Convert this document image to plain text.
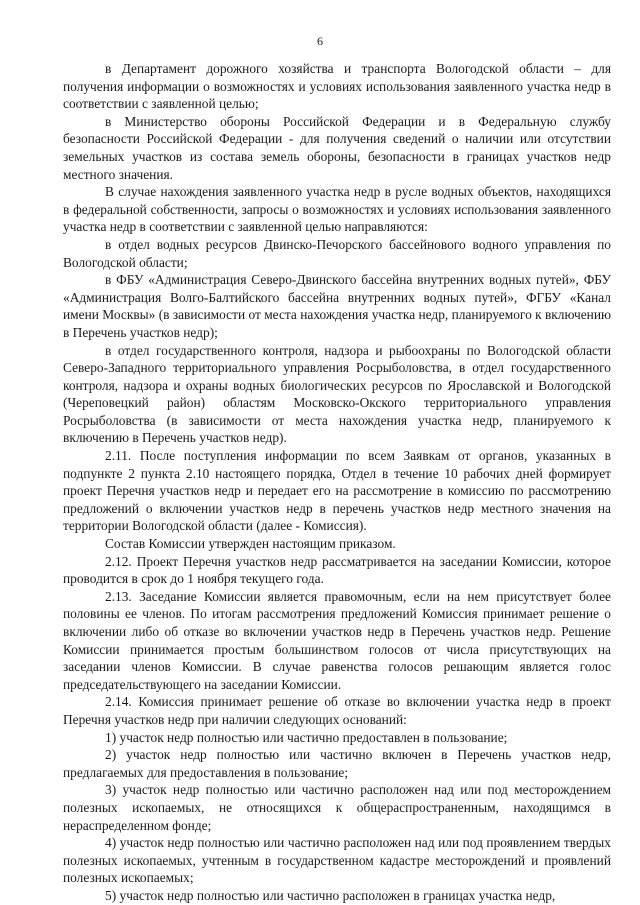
6

в Департамент дорожного хозяйства и транспорта Вологодской области – для получения информации о возможностях и условиях использования заявленного участка недр в соответствии с заявленной целью;

в Министерство обороны Российской Федерации и в Федеральную службу безопасности Российской Федерации - для получения сведений о наличии или отсутствии земельных участков из состава земель обороны, безопасности в границах участков недр местного значения.

В случае нахождения заявленного участка недр в русле водных объектов, находящихся в федеральной собственности, запросы о возможностях и условиях использования заявленного участка недр в соответствии с заявленной целью направляются:

в отдел водных ресурсов Двинско-Печорского бассейнового водного управления по Вологодской области;

в ФБУ «Администрация Северо-Двинского бассейна внутренних водных путей», ФБУ «Администрация Волго-Балтийского бассейна внутренних водных путей», ФГБУ «Канал имени Москвы» (в зависимости от места нахождения участка недр, планируемого к включению в Перечень участков недр);

в отдел государственного контроля, надзора и рыбоохраны по Вологодской области Северо-Западного территориального управления Росрыболовства, в отдел государственного контроля, надзора и охраны водных биологических ресурсов по Ярославской и Вологодской (Череповецкий район) областям Московско-Окского территориального управления Росрыболовства (в зависимости от места нахождения участка недр, планируемого к включению в Перечень участков недр).

2.11. После поступления информации по всем Заявкам от органов, указанных в подпункте 2 пункта 2.10 настоящего порядка, Отдел в течение 10 рабочих дней формирует проект Перечня участков недр и передает его на рассмотрение в комиссию по рассмотрению предложений о включении участков недр в перечень участков недр местного значения на территории Вологодской области (далее - Комиссия).

Состав Комиссии утвержден настоящим приказом.

2.12. Проект Перечня участков недр рассматривается на заседании Комиссии, которое проводится в срок до 1 ноября текущего года.

2.13. Заседание Комиссии является правомочным, если на нем присутствует более половины ее членов. По итогам рассмотрения предложений Комиссия принимает решение о включении либо об отказе во включении участков недр в Перечень участков недр. Решение Комиссии принимается простым большинством голосов от числа присутствующих на заседании членов Комиссии. В случае равенства голосов решающим является голос председательствующего на заседании Комиссии.

2.14. Комиссия принимает решение об отказе во включении участка недр в проект Перечня участков недр при наличии следующих оснований:

1) участок недр полностью или частично предоставлен в пользование;

2) участок недр полностью или частично включен в Перечень участков недр, предлагаемых для предоставления в пользование;

3) участок недр полностью или частично расположен над или под месторождением полезных ископаемых, не относящихся к общераспространенным, находящимся в нераспределенном фонде;

4) участок недр полностью или частично расположен над или под проявлением твердых полезных ископаемых, учтенным в государственном кадастре месторождений и проявлений полезных ископаемых;

5) участок недр полностью или частично расположен в границах участка недр,
